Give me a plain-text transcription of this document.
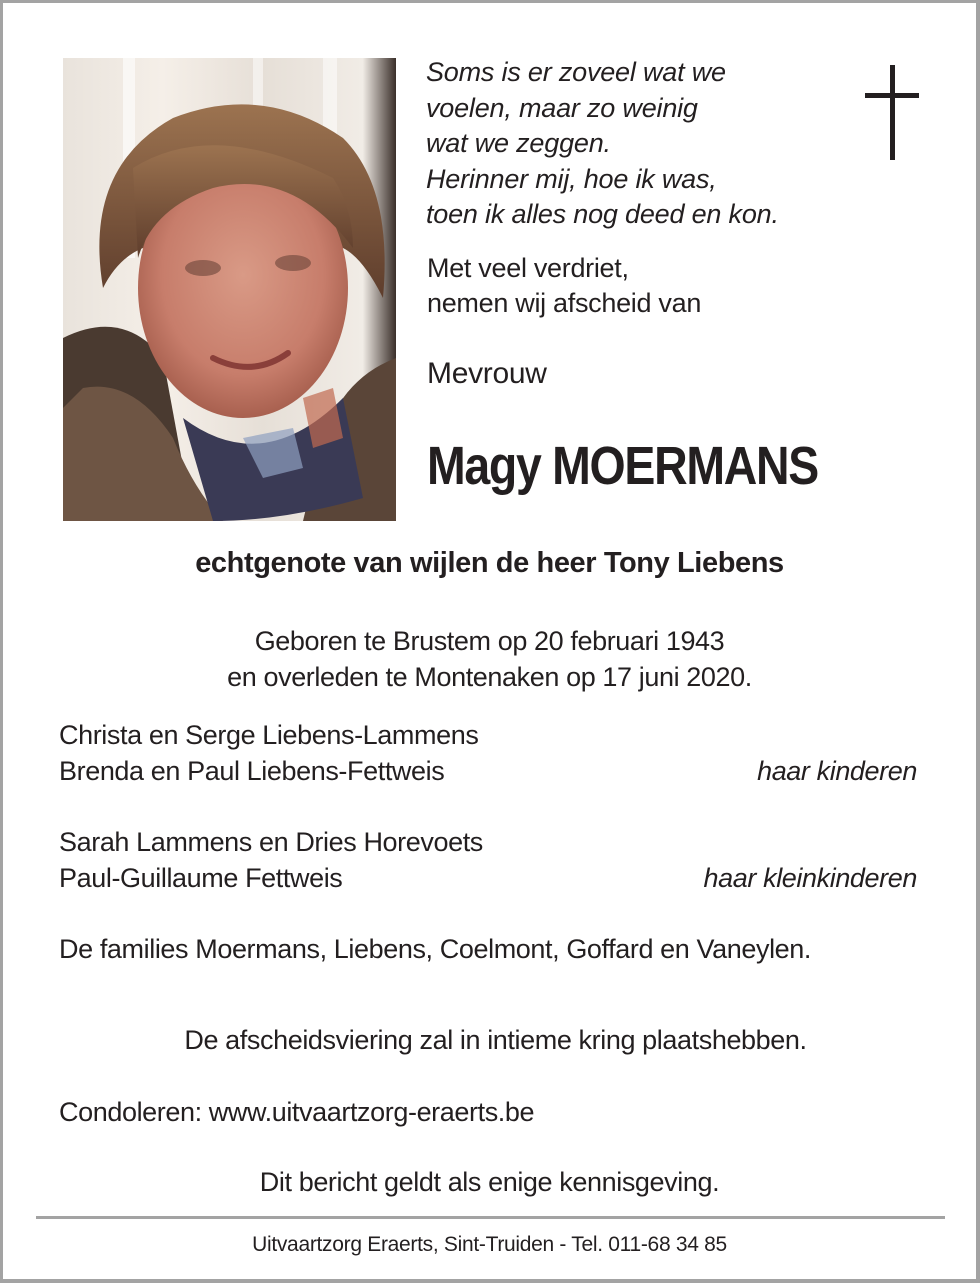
Soms is er zoveel wat we
voelen, maar zo weinig
wat we zeggen.
Herinner mij, hoe ik was,
toen ik alles nog deed en kon.
Met veel verdriet,
nemen wij afscheid van
Mevrouw
Magy MOERMANS
echtgenote van wijlen de heer Tony Liebens
Geboren te Brustem op 20 februari 1943
en overleden te Montenaken op 17 juni 2020.
Christa en Serge Liebens-Lammens
Brenda en Paul Liebens-Fettweis	haar kinderen
Sarah Lammens en Dries Horevoets
Paul-Guillaume Fettweis	haar kleinkinderen
De families Moermans, Liebens, Coelmont, Goffard en Vaneylen.
De afscheidsviering zal in intieme kring plaatshebben.
Condoleren: www.uitvaartzorg-eraerts.be
Dit bericht geldt als enige kennisgeving.
Uitvaartzorg Eraerts, Sint-Truiden - Tel. 011-68 34 85
